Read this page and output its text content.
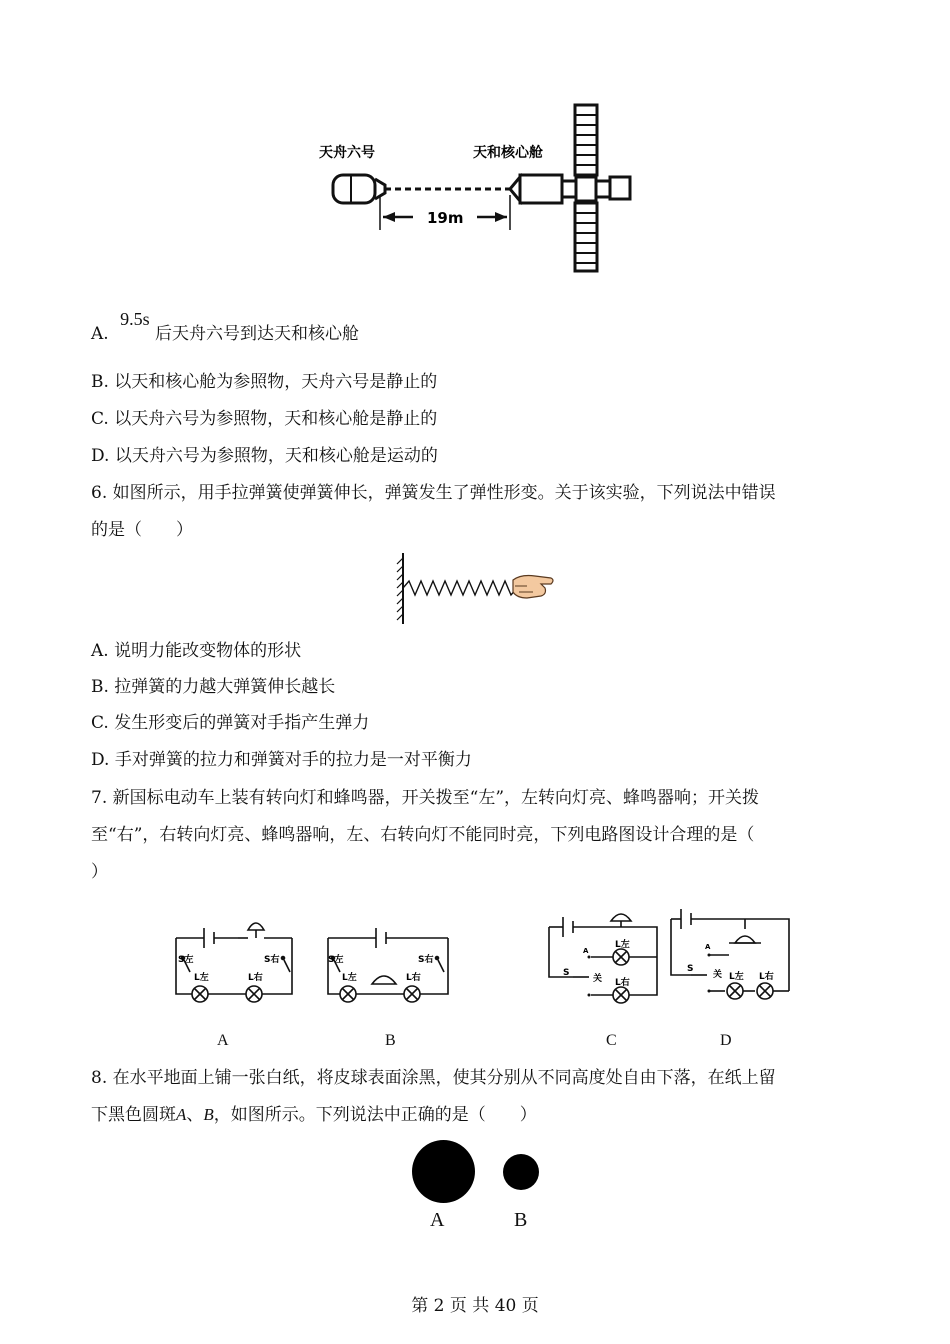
天舟六号	天和核心舱
19m
A. 9.5s 后天舟六号到达天和核心舱
B. 以天和核心舱为参照物，天舟六号是静止的
C. 以天舟六号为参照物，天和核心舱是静止的
D. 以天舟六号为参照物，天和核心舱是运动的
6. 如图所示，用手拉弹簧使弹簧伸长，弹簧发生了弹性形变。关于该实验，下列说法中错误
的是（　　）
A. 说明力能改变物体的形状
B. 拉弹簧的力越大弹簧伸长越长
C. 发生形变后的弹簧对手指产生弹力
D. 手对弹簧的拉力和弹簧对手的拉力是一对平衡力
7. 新国标电动车上装有转向灯和蜂鸣器，开关拨至“左”，左转向灯亮、蜂鸣器响；开关拨
至“右”，右转向灯亮、蜂鸣器响，左、右转向灯不能同时亮，下列电路图设计合理的是（
）
S左	S右
L左	L右
S左	S右
L左	L右
A
S
关
L左
L右
A
S
关 L左 L右
A	B	C	D
8. 在水平地面上铺一张白纸，将皮球表面涂黑，使其分别从不同高度处自由下落，在纸上留
下黑色圆斑A、B，如图所示。下列说法中正确的是（　　）
A	B
第 2 页 共 40 页
